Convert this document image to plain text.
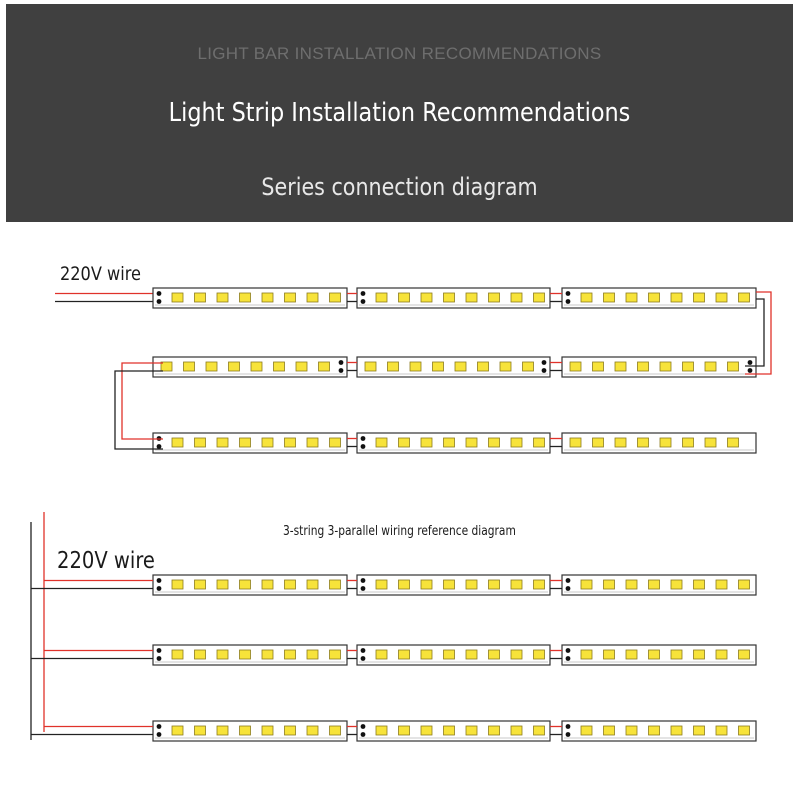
LIGHT BAR INSTALLATION RECOMMENDATIONS
Light Strip Installation Recommendations
Series connection diagram
220V wire
3-string 3-parallel wiring reference diagram
220V wire
